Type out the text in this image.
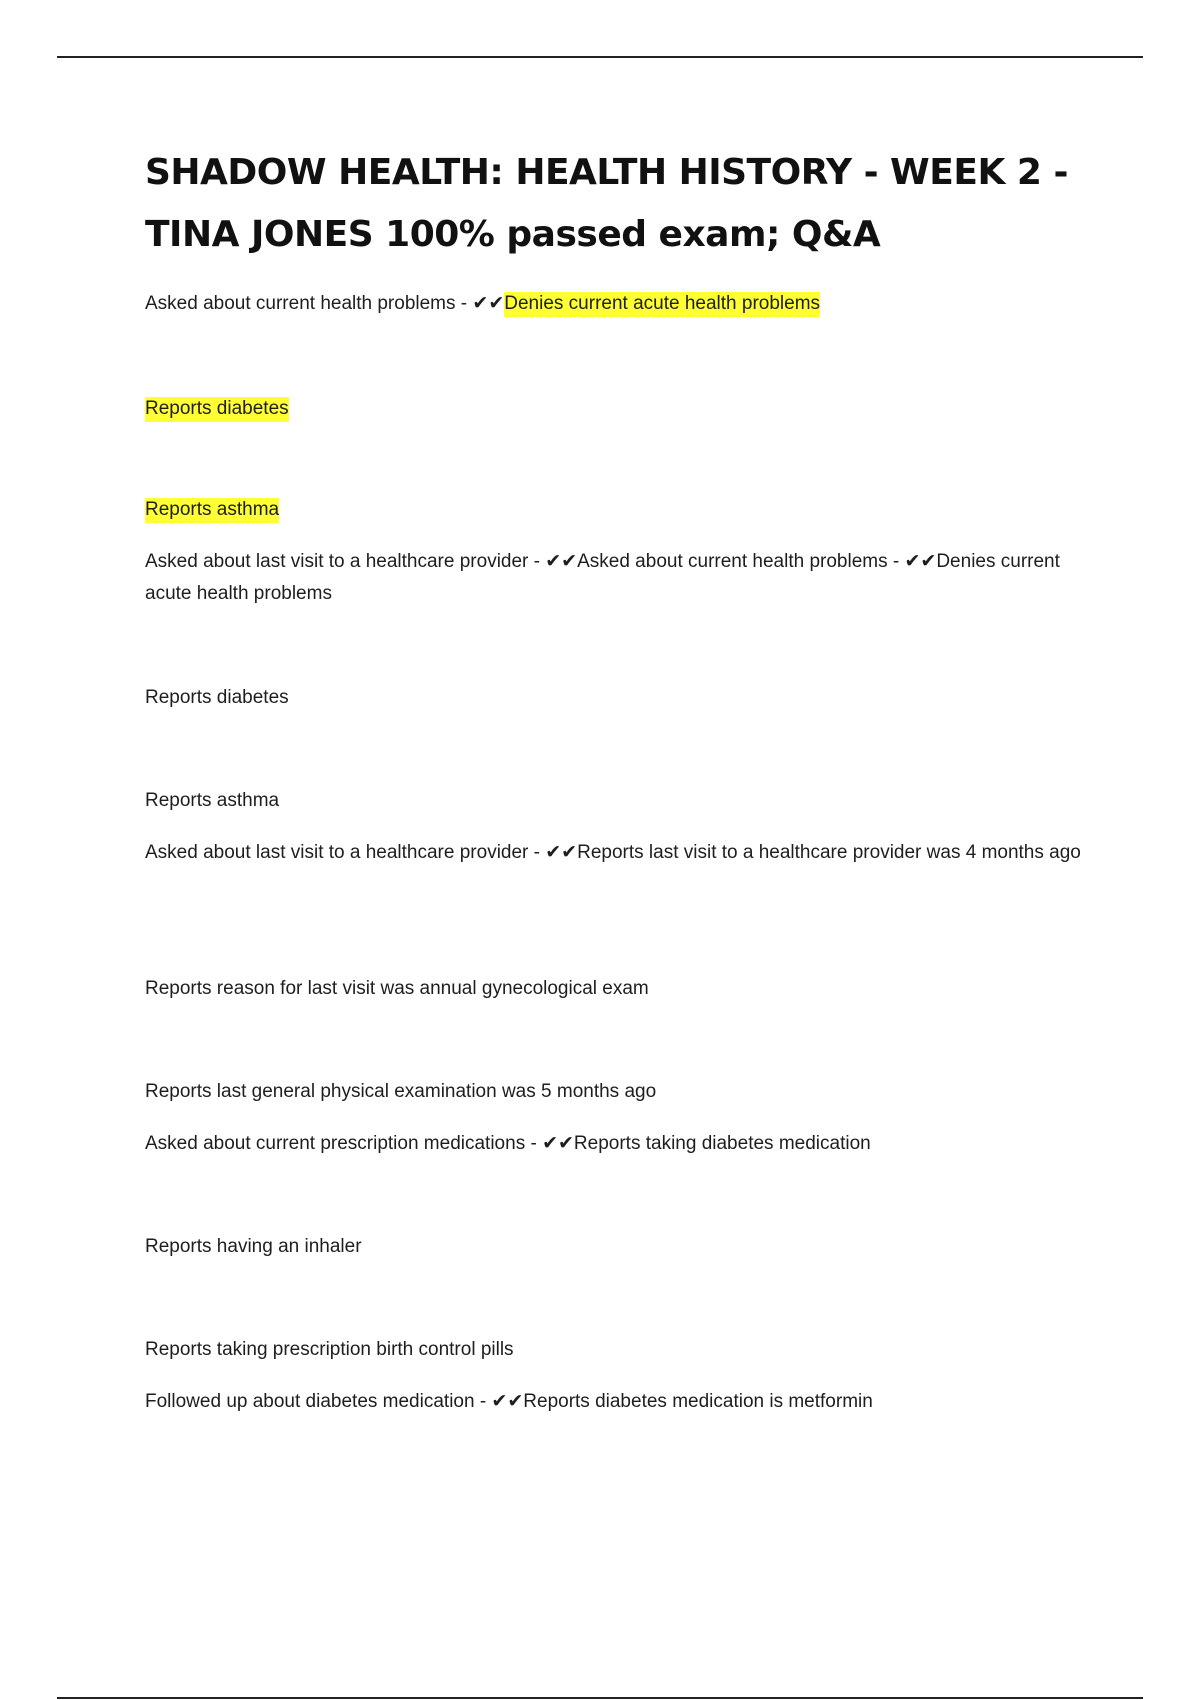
SHADOW HEALTH: HEALTH HISTORY - WEEK 2 - TINA JONES 100% passed exam; Q&A

Asked about current health problems - ✔✔Denies current acute health problems

Reports diabetes

Reports asthma

Asked about last visit to a healthcare provider - ✔✔Asked about current health problems - ✔✔Denies current acute health problems

Reports diabetes

Reports asthma

Asked about last visit to a healthcare provider - ✔✔Reports last visit to a healthcare provider was 4 months ago

Reports reason for last visit was annual gynecological exam

Reports last general physical examination was 5 months ago

Asked about current prescription medications - ✔✔Reports taking diabetes medication

Reports having an inhaler

Reports taking prescription birth control pills

Followed up about diabetes medication - ✔✔Reports diabetes medication is metformin
